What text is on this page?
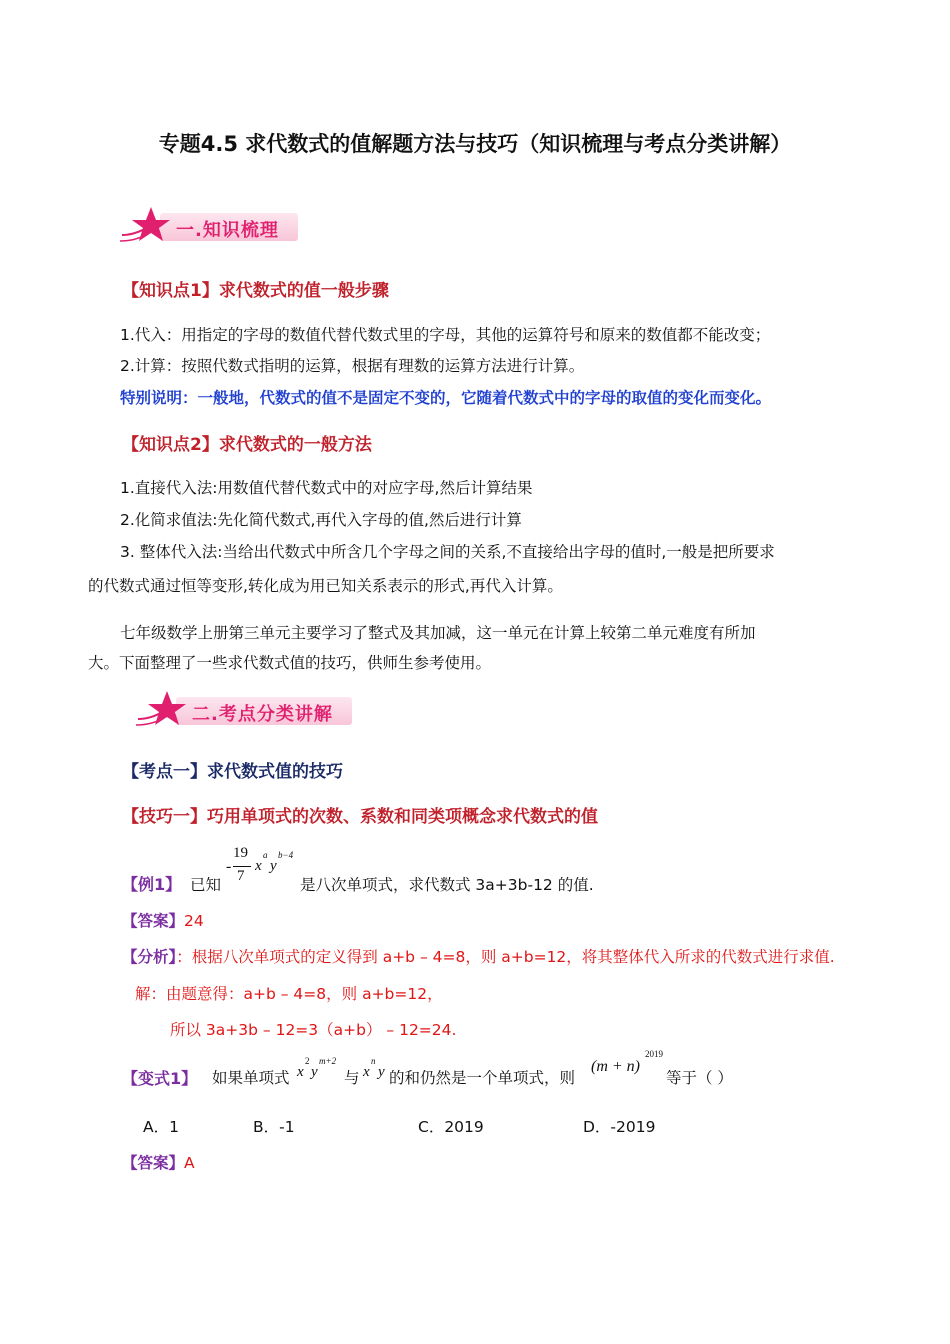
专题4.5 求代数式的值解题方法与技巧（知识梳理与考点分类讲解）
一.知识梳理
【知识点1】求代数式的值一般步骤
1.代入：用指定的字母的数值代替代数式里的字母，其他的运算符号和原来的数值都不能改变；
2.计算：按照代数式指明的运算，根据有理数的运算方法进行计算。
特别说明：一般地，代数式的值不是固定不变的，它随着代数式中的字母的取值的变化而变化。
【知识点2】求代数式的一般方法
1.直接代入法:用数值代替代数式中的对应字母,然后计算结果
2.化简求值法:先化简代数式,再代入字母的值,然后进行计算
3. 整体代入法:当给出代数式中所含几个字母之间的关系,不直接给出字母的值时,一般是把所要求
的代数式通过恒等变形,转化成为用已知关系表示的形式,再代入计算。
七年级数学上册第三单元主要学习了整式及其加减，这一单元在计算上较第二单元难度有所加
大。下面整理了一些求代数式值的技巧，供师生参考使用。
二.考点分类讲解
【考点一】求代数式值的技巧
【技巧一】巧用单项式的次数、系数和同类项概念求代数式的值
【例1】 已知
-
19
7
x
a
y
b−4
是八次单项式，求代数式 3a+3b-12 的值.
【答案】24
【分析】：根据八次单项式的定义得到 a+b – 4=8，则 a+b=12，将其整体代入所求的代数式进行求值.
解：由题意得：a+b – 4=8，则 a+b=12，
所以 3a+3b – 12=3（a+b） – 12=24.
【变式1】 如果单项式 x
2
y
m+2
与 x
n
y 的和仍然是一个单项式，则
(m + n)
2019
等于（ ）
A．1	B．-1	C．2019	D．-2019
【答案】A
